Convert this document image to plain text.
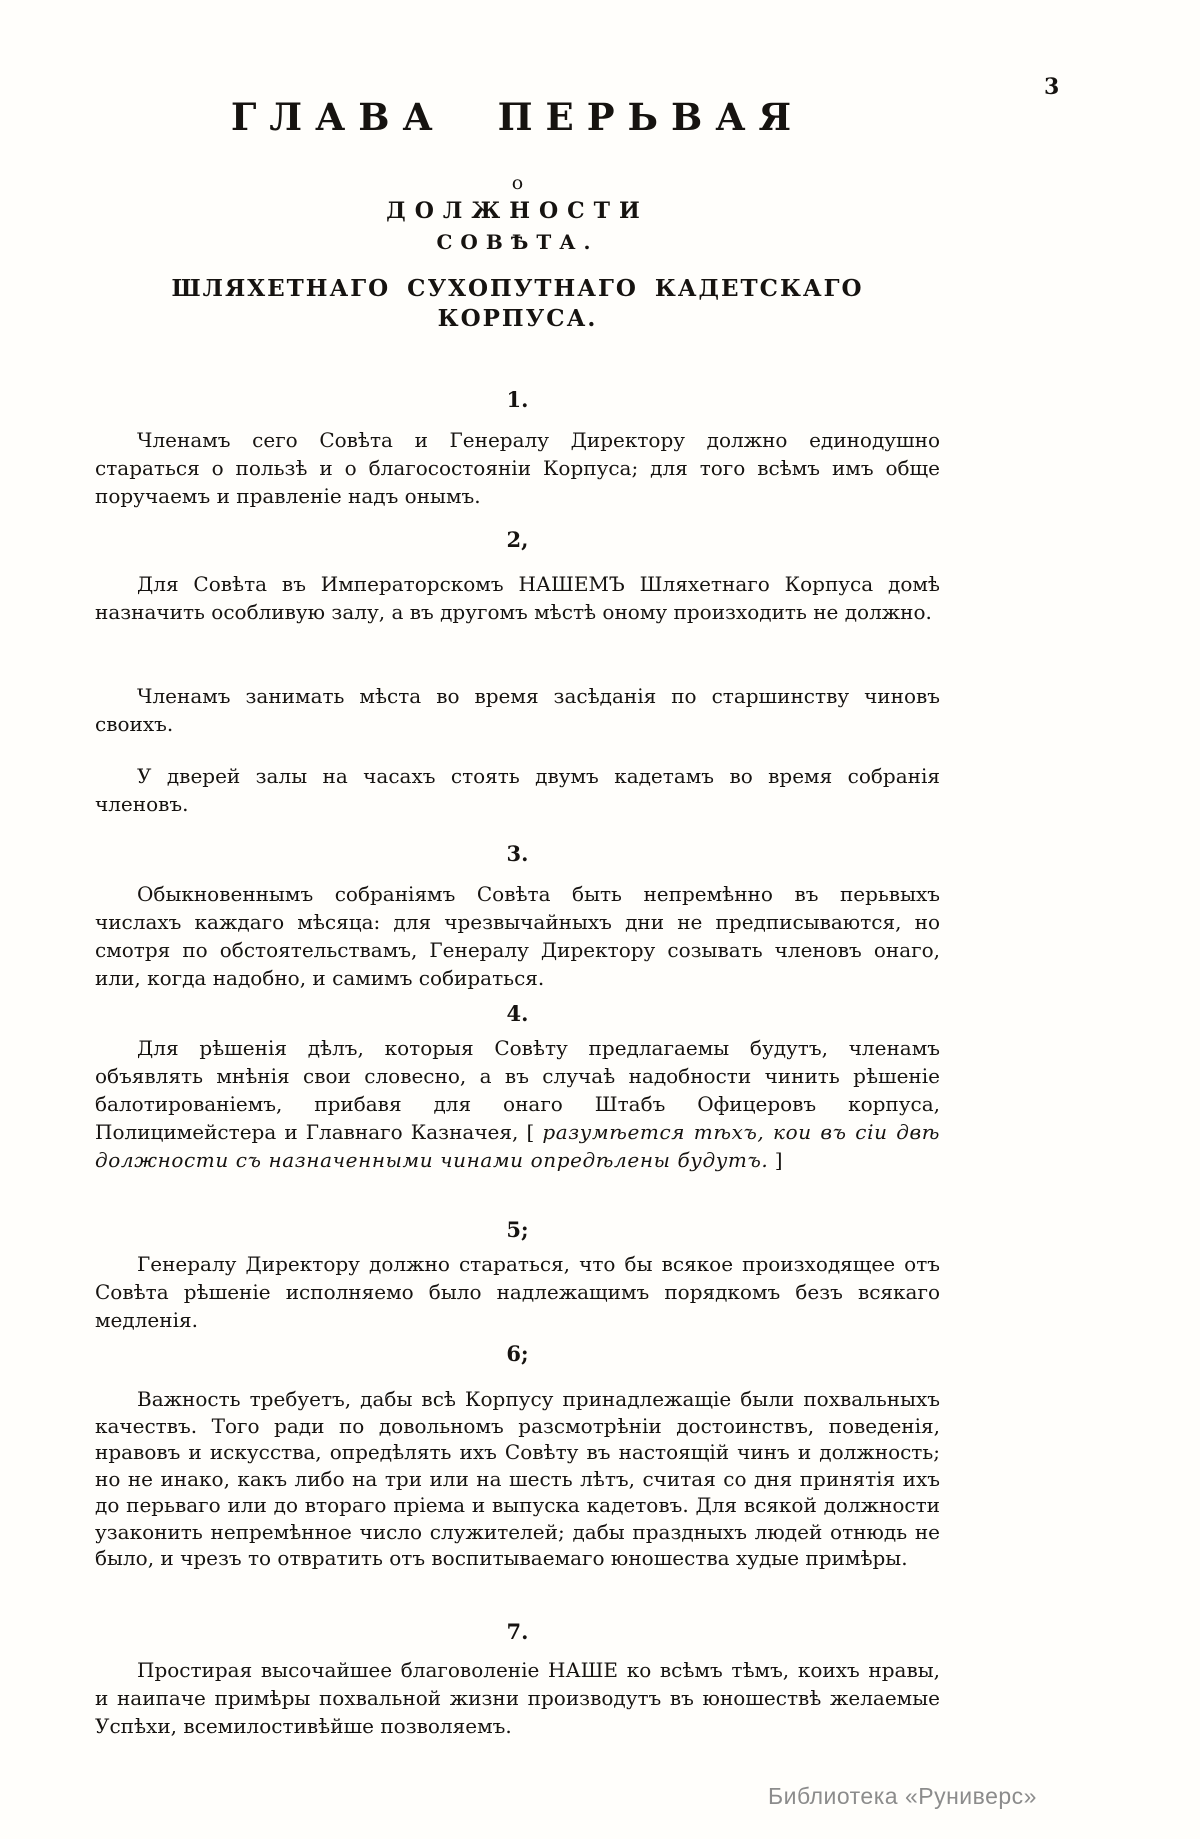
3
ГЛАВА ПЕРЬВАЯ
о
ДОЛЖНОСТИ
СОВѢТА.
ШЛЯХЕТНАГО СУХОПУТНАГО КАДЕТСКАГО КОРПУСА.
1.

Членамъ сего Совѣта и Генералу Директору должно единодушно стараться о пользѣ и о благосостояніи Корпуса; для того всѣмъ имъ обще поручаемъ и правленіе надъ онымъ.

2,

Для Совѣта въ Императорскомъ НАШЕМЪ Шляхетнаго Корпуса домѣ назначить особливую залу, а въ другомъ мѣстѣ оному произходить не должно.

Членамъ занимать мѣста во время засѣданія по старшинству чиновъ своихъ.

У дверей залы на часахъ стоять двумъ кадетамъ во время собранія членовъ.

3.

Обыкновеннымъ собраніямъ Совѣта быть непремѣнно въ перьвыхъ числахъ каждаго мѣсяца: для чрезвычайныхъ дни не предписываются, но смотря по обстоятельствамъ, Генералу Директору созывать членовъ онаго, или, когда надобно, и самимъ собираться.

4.

Для рѣшенія дѣлъ, которыя Совѣту предлагаемы будутъ, членамъ объявлять мнѣнія свои словесно, а въ случаѣ надобности чинить рѣшеніе балотированіемъ, прибавя для онаго Штабъ Офицеровъ корпуса, Полицимейстера и Главнаго Казначея, [ разумѣется тѣхъ, кои въ сіи двѣ должности съ назначенными чинами опредѣлены будутъ. ]

5;

Генералу Директору должно стараться, что бы всякое произходящее отъ Совѣта рѣшеніе исполняемо было надлежащимъ порядкомъ безъ всякаго медленія.

6;

Важность требуетъ, дабы всѣ Корпусу принадлежащіе были похвальныхъ качествъ. Того ради по довольномъ разсмотрѣніи достоинствъ, поведенія, нравовъ и искусства, опредѣлять ихъ Совѣту въ настоящій чинъ и должность; но не инако, какъ либо на три или на шесть лѣтъ, считая со дня принятія ихъ до перьваго или до втораго пріема и выпуска кадетовъ. Для всякой должности узаконить непремѣнное число служителей; дабы праздныхъ людей отнюдь не было, и чрезъ то отвратить отъ воспитываемаго юношества худые примѣры.

7.

Простирая высочайшее благоволеніе НАШЕ ко всѣмъ тѣмъ, коихъ нравы, и наипаче примѣры похвальной жизни производутъ въ юношествѣ желаемые Успѣхи, всемилостивѣйше позволяемъ.

Библиотека «Руниверс»
